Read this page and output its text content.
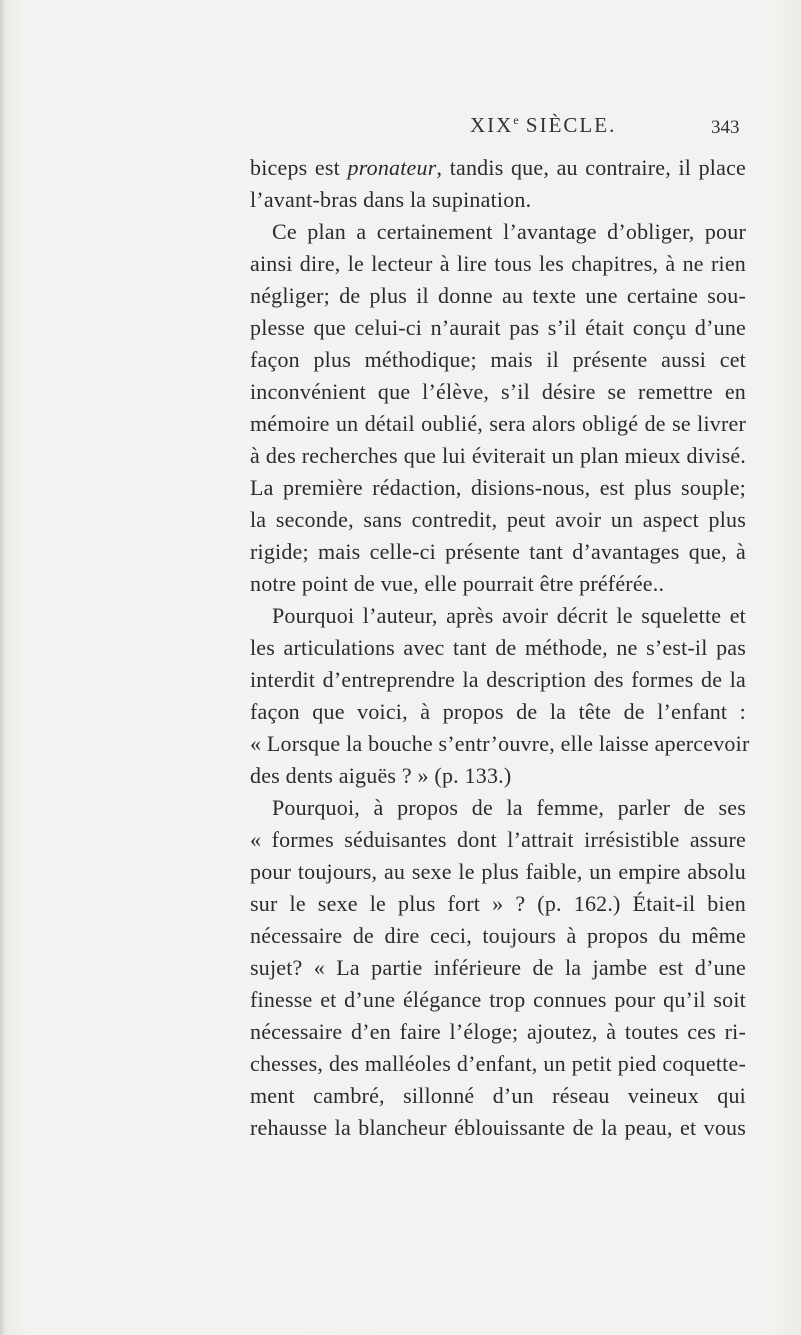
XIXe SIÈCLE.	343
biceps est pronateur, tandis que, au contraire, il place
l’avant-bras dans la supination.
Ce plan a certainement l’avantage d’obliger, pour
ainsi dire, le lecteur à lire tous les chapitres, à ne rien
négliger; de plus il donne au texte une certaine sou-
plesse que celui-ci n’aurait pas s’il était conçu d’une
façon plus méthodique; mais il présente aussi cet
inconvénient que l’élève, s’il désire se remettre en
mémoire un détail oublié, sera alors obligé de se livrer
à des recherches que lui éviterait un plan mieux divisé.
La première rédaction, disions-nous, est plus souple;
la seconde, sans contredit, peut avoir un aspect plus
rigide; mais celle-ci présente tant d’avantages que, à
notre point de vue, elle pourrait être préférée..
Pourquoi l’auteur, après avoir décrit le squelette et
les articulations avec tant de méthode, ne s’est-il pas
interdit d’entreprendre la description des formes de la
façon que voici, à propos de la tête de l’enfant :
« Lorsque la bouche s’entr’ouvre, elle laisse apercevoir
des dents aiguës ? » (p. 133.)
Pourquoi, à propos de la femme, parler de ses
« formes séduisantes dont l’attrait irrésistible assure
pour toujours, au sexe le plus faible, un empire absolu
sur le sexe le plus fort » ? (p. 162.) Était-il bien
nécessaire de dire ceci, toujours à propos du même
sujet? « La partie inférieure de la jambe est d’une
finesse et d’une élégance trop connues pour qu’il soit
nécessaire d’en faire l’éloge; ajoutez, à toutes ces ri-
chesses, des malléoles d’enfant, un petit pied coquette-
ment cambré, sillonné d’un réseau veineux qui
rehausse la blancheur éblouissante de la peau, et vous
